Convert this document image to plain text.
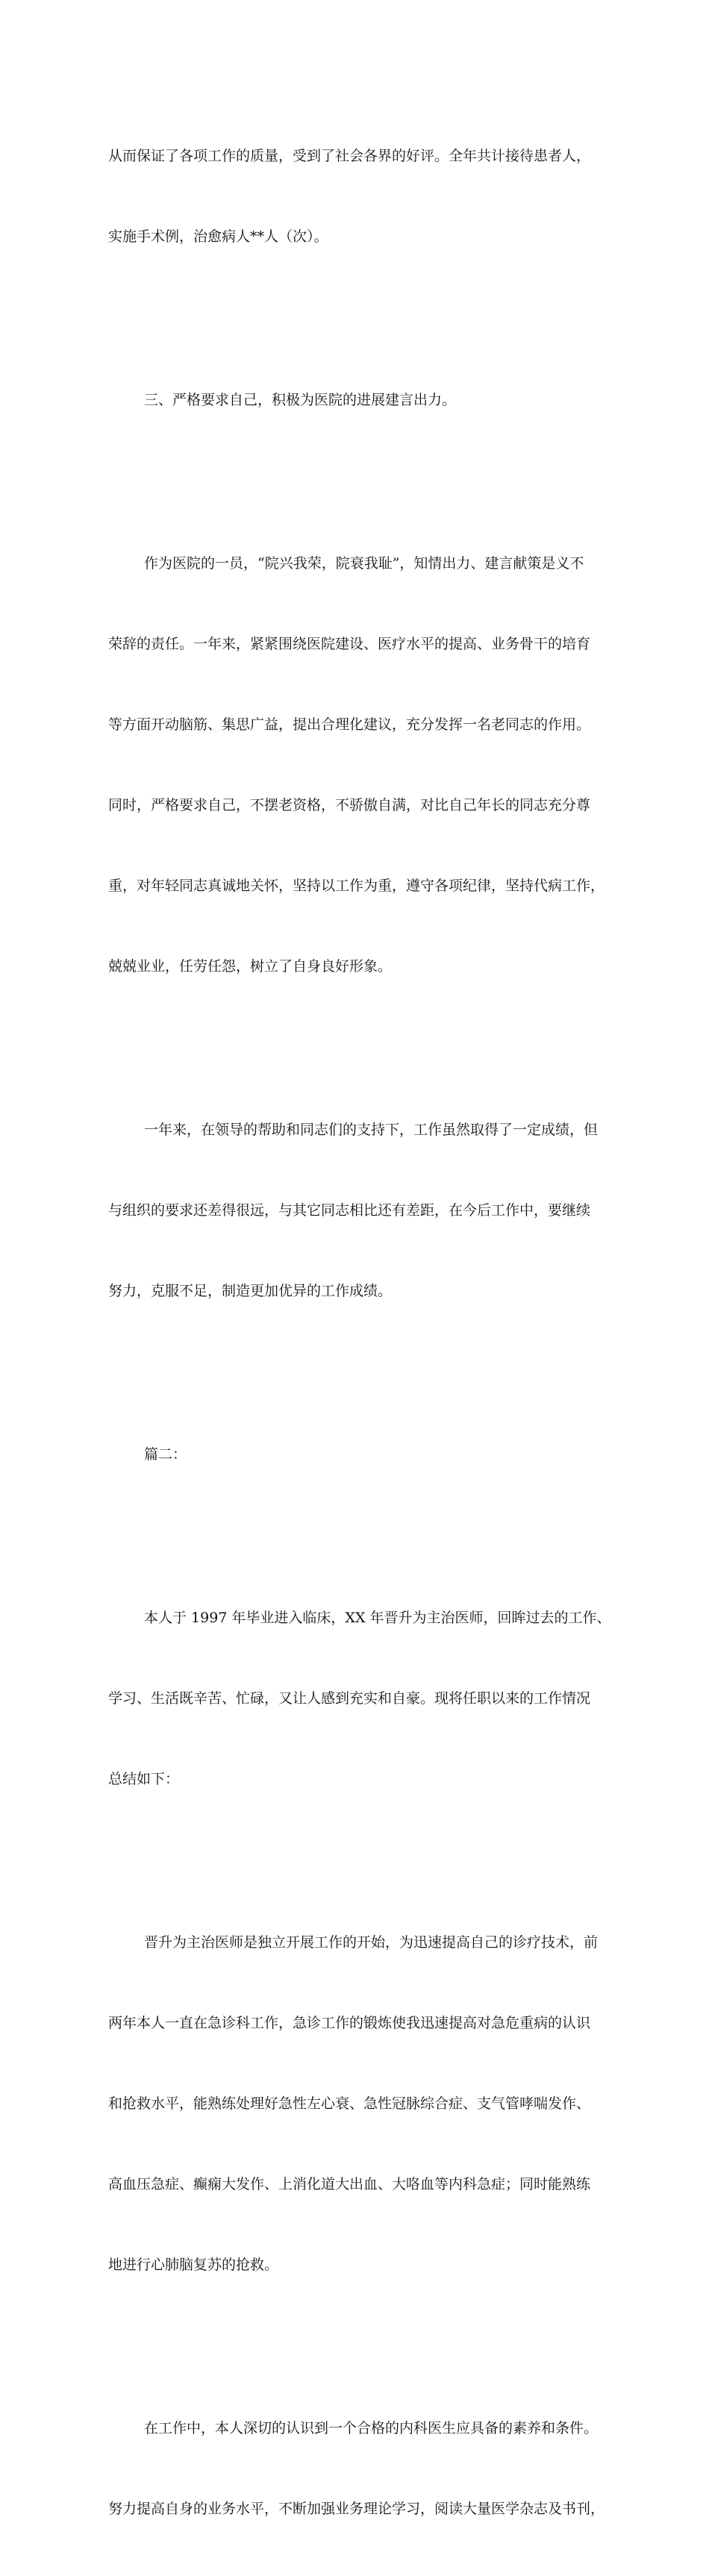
从而保证了各项工作的质量，受到了社会各界的好评。全年共计接待患者人，

实施手术例，治愈病人**人（次）。

三、严格要求自己，积极为医院的进展建言出力。

作为医院的一员，“院兴我荣，院衰我耻”，知情出力、建言献策是义不

荣辞的责任。一年来，紧紧围绕医院建设、医疗水平的提高、业务骨干的培育

等方面开动脑筋、集思广益，提出合理化建议，充分发挥一名老同志的作用。

同时，严格要求自己，不摆老资格，不骄傲自满，对比自己年长的同志充分尊

重，对年轻同志真诚地关怀，坚持以工作为重，遵守各项纪律，坚持代病工作，

兢兢业业，任劳任怨，树立了自身良好形象。

一年来，在领导的帮助和同志们的支持下，工作虽然取得了一定成绩，但

与组织的要求还差得很远，与其它同志相比还有差距，在今后工作中，要继续

努力，克服不足，制造更加优异的工作成绩。

篇二：

本人于 1997 年毕业进入临床，XX 年晋升为主治医师，回眸过去的工作、

学习、生活既辛苦、忙碌，又让人感到充实和自豪。现将任职以来的工作情况

总结如下：

晋升为主治医师是独立开展工作的开始，为迅速提高自己的诊疗技术，前

两年本人一直在急诊科工作，急诊工作的锻炼使我迅速提高对急危重病的认识

和抢救水平，能熟练处理好急性左心衰、急性冠脉综合症、支气管哮喘发作、

高血压急症、癫痫大发作、上消化道大出血、大咯血等内科急症；同时能熟练

地进行心肺脑复苏的抢救。

在工作中，本人深切的认识到一个合格的内科医生应具备的素养和条件。

努力提高自身的业务水平，不断加强业务理论学习，阅读大量医学杂志及书刊，
